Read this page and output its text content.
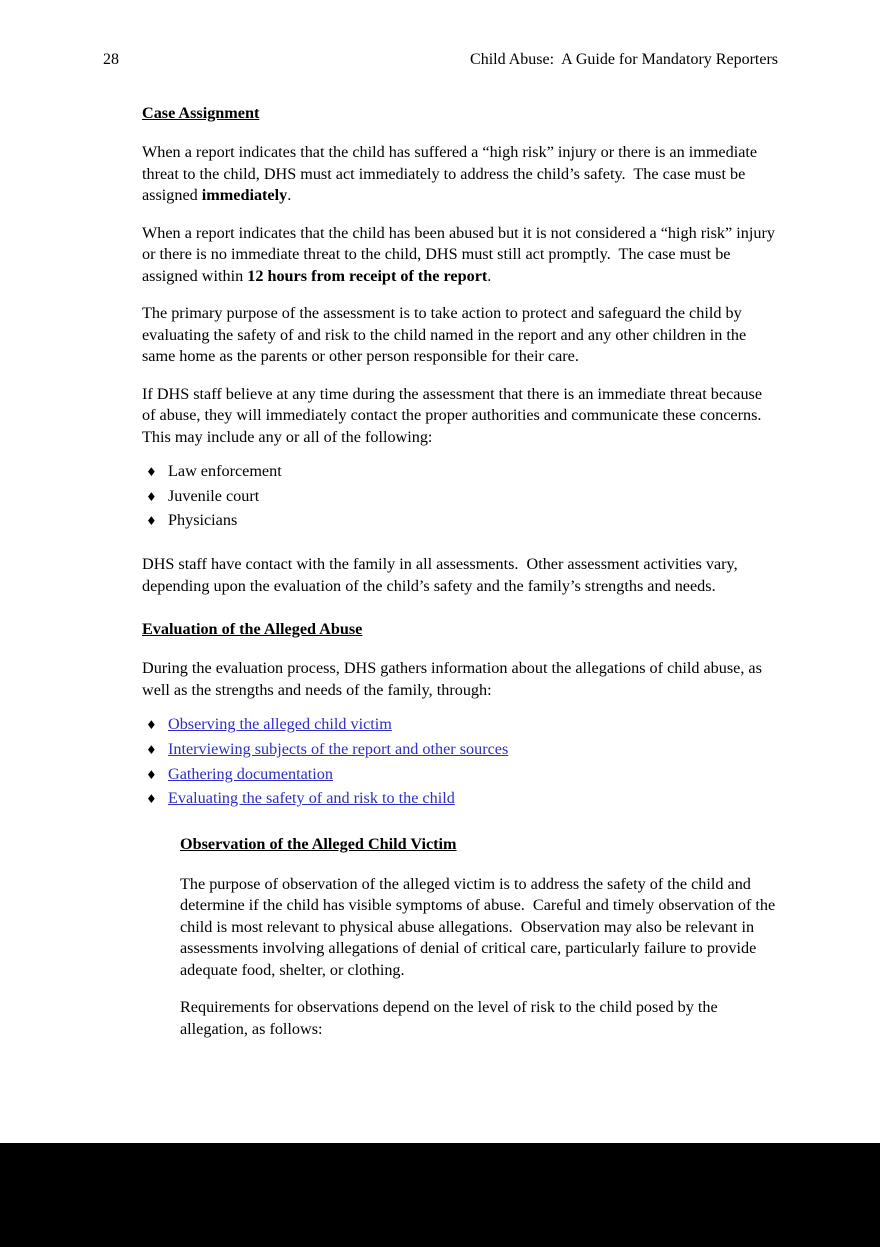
28	Child Abuse:  A Guide for Mandatory Reporters
Case Assignment

When a report indicates that the child has suffered a “high risk” injury or there is an immediate threat to the child, DHS must act immediately to address the child’s safety.  The case must be assigned immediately.

When a report indicates that the child has been abused but it is not considered a “high risk” injury or there is no immediate threat to the child, DHS must still act promptly.  The case must be assigned within 12 hours from receipt of the report.

The primary purpose of the assessment is to take action to protect and safeguard the child by evaluating the safety of and risk to the child named in the report and any other children in the same home as the parents or other person responsible for their care.

If DHS staff believe at any time during the assessment that there is an immediate threat because of abuse, they will immediately contact the proper authorities and communicate these concerns.  This may include any or all of the following:

♦ Law enforcement
♦ Juvenile court
♦ Physicians

DHS staff have contact with the family in all assessments.  Other assessment activities vary, depending upon the evaluation of the child’s safety and the family’s strengths and needs.

Evaluation of the Alleged Abuse

During the evaluation process, DHS gathers information about the allegations of child abuse, as well as the strengths and needs of the family, through:

♦ Observing the alleged child victim
♦ Interviewing subjects of the report and other sources
♦ Gathering documentation
♦ Evaluating the safety of and risk to the child
Observation of the Alleged Child Victim

The purpose of observation of the alleged victim is to address the safety of the child and determine if the child has visible symptoms of abuse.  Careful and timely observation of the child is most relevant to physical abuse allegations.  Observation may also be relevant in assessments involving allegations of denial of critical care, particularly failure to provide adequate food, shelter, or clothing.

Requirements for observations depend on the level of risk to the child posed by the allegation, as follows:
